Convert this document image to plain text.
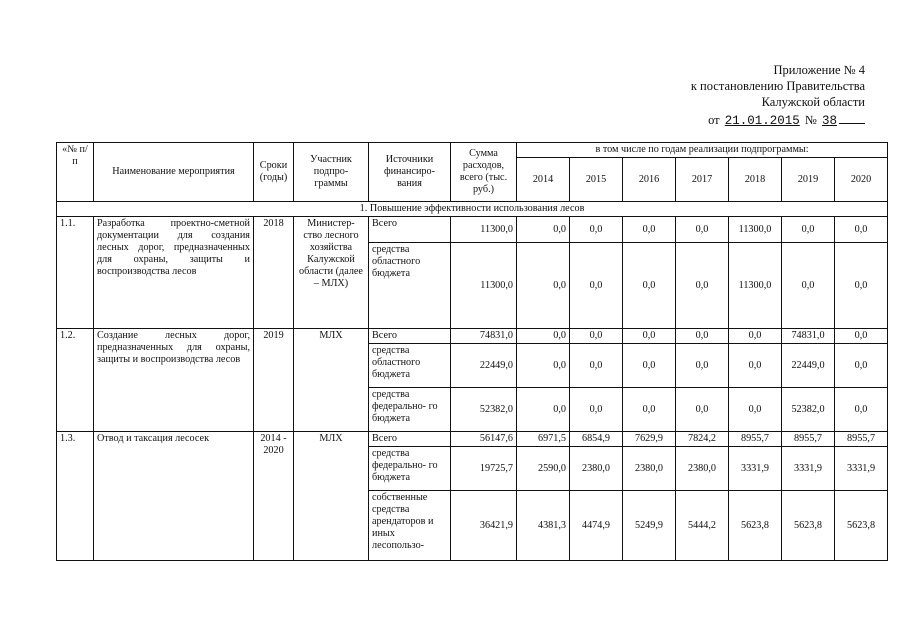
Приложение № 4
к постановлению Правительства
Калужской области
от 21.01.2015 № 38
«№ п/п	Наименование мероприятия	Сроки (годы)	Участник подпро- граммы	Источники финансиро- вания	Сумма расходов, всего (тыс. руб.)	в том числе по годам реализации подпрограммы:						
						2014	2015	2016	2017	2018	2019	2020
1. Повышение эффективности использования лесов												
1.1.	Разработка проектно-сметной документации для создания лесных дорог, предназначенных для охраны, защиты и воспроизводства лесов	2018	Министер- ство лесного хозяйства Калужской области (далее – МЛХ)	Всего	11300,0	0,0	0,0	0,0	0,0	11300,0	0,0	0,0
				средства областного бюджета	11300,0	0,0	0,0	0,0	0,0	11300,0	0,0	0,0
1.2.	Создание лесных дорог, предназначенных для охраны, защиты и воспроизводства лесов	2019	МЛХ	Всего	74831,0	0,0	0,0	0,0	0,0	0,0	74831,0	0,0
				средства областного бюджета	22449,0	0,0	0,0	0,0	0,0	0,0	22449,0	0,0
				средства федерально- го бюджета	52382,0	0,0	0,0	0,0	0,0	0,0	52382,0	0,0
1.3.	Отвод и таксация лесосек	2014 - 2020	МЛХ	Всего	56147,6	6971,5	6854,9	7629,9	7824,2	8955,7	8955,7	8955,7
				средства федерально- го бюджета	19725,7	2590,0	2380,0	2380,0	2380,0	3331,9	3331,9	3331,9
				собственные средства арендаторов и иных лесопользо-	36421,9	4381,3	4474,9	5249,9	5444,2	5623,8	5623,8	5623,8
